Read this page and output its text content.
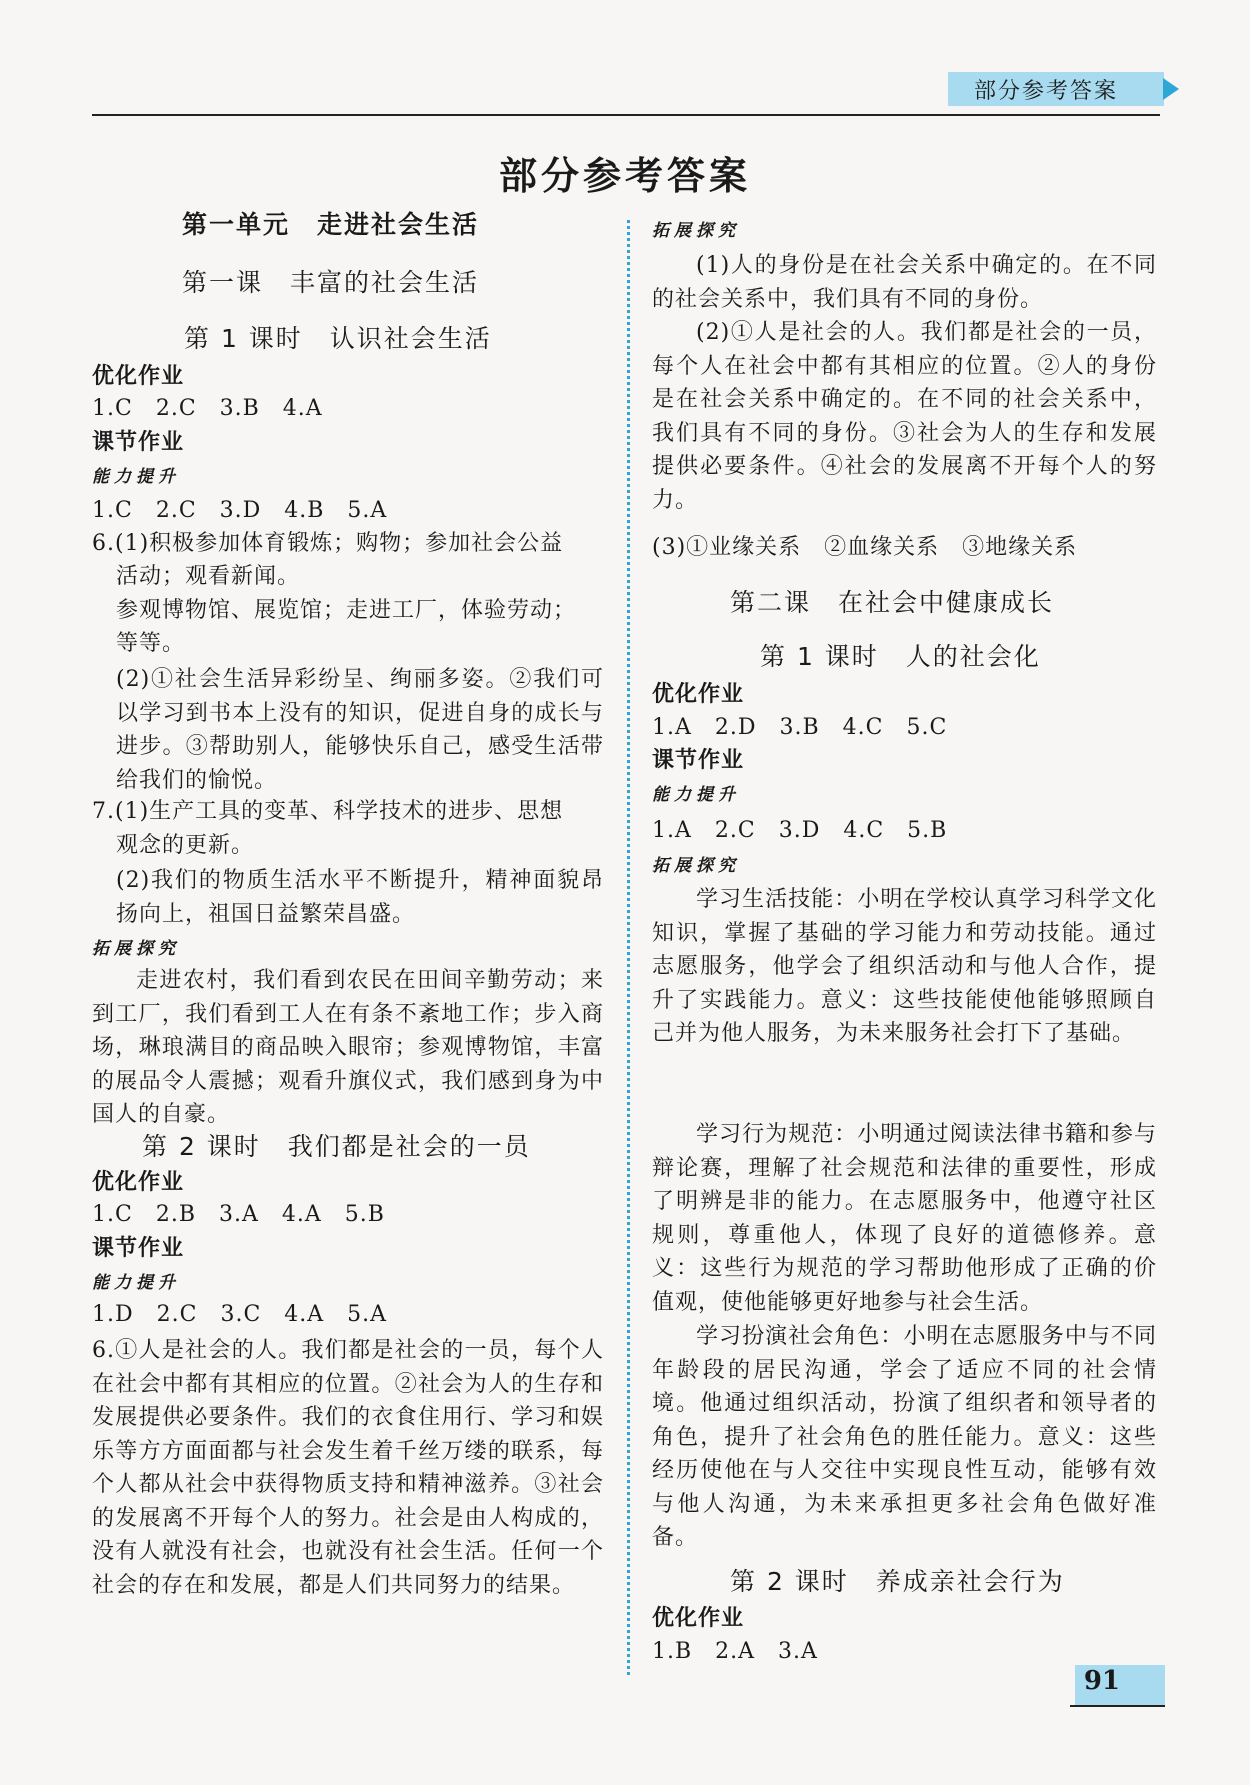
部分参考答案
部分参考答案
第一单元　走进社会生活
第一课　丰富的社会生活
第 1 课时　认识社会生活
优化作业
1.C　2.C　3.B　4.A
课节作业
能力提升
1.C　2.C　3.D　4.B　5.A
6.(1)积极参加体育锻炼；购物；参加社会公益
活动；观看新闻。
参观博物馆、展览馆；走进工厂，体验劳动；
等等。
(2)①社会生活异彩纷呈、绚丽多姿。②我们可以学习到书本上没有的知识，促进自身的成长与进步。③帮助别人，能够快乐自己，感受生活带给我们的愉悦。
7.(1)生产工具的变革、科学技术的进步、思想
观念的更新。
(2)我们的物质生活水平不断提升，精神面貌昂扬向上，祖国日益繁荣昌盛。
拓展探究
走进农村，我们看到农民在田间辛勤劳动；来到工厂，我们看到工人在有条不紊地工作；步入商场，琳琅满目的商品映入眼帘；参观博物馆，丰富的展品令人震撼；观看升旗仪式，我们感到身为中国人的自豪。
第 2 课时　我们都是社会的一员
优化作业
1.C　2.B　3.A　4.A　5.B
课节作业
能力提升
1.D　2.C　3.C　4.A　5.A
6.①人是社会的人。我们都是社会的一员，每个人在社会中都有其相应的位置。②社会为人的生存和发展提供必要条件。我们的衣食住用行、学习和娱乐等方方面面都与社会发生着千丝万缕的联系，每个人都从社会中获得物质支持和精神滋养。③社会的发展离不开每个人的努力。社会是由人构成的，没有人就没有社会，也就没有社会生活。任何一个社会的存在和发展，都是人们共同努力的结果。
拓展探究
(1)人的身份是在社会关系中确定的。在不同的社会关系中，我们具有不同的身份。
(2)①人是社会的人。我们都是社会的一员，每个人在社会中都有其相应的位置。②人的身份是在社会关系中确定的。在不同的社会关系中，我们具有不同的身份。③社会为人的生存和发展提供必要条件。④社会的发展离不开每个人的努力。
(3)①业缘关系　②血缘关系　③地缘关系
第二课　在社会中健康成长
第 1 课时　人的社会化
优化作业
1.A　2.D　3.B　4.C　5.C
课节作业
能力提升
1.A　2.C　3.D　4.C　5.B
拓展探究
学习生活技能：小明在学校认真学习科学文化知识，掌握了基础的学习能力和劳动技能。通过志愿服务，他学会了组织活动和与他人合作，提升了实践能力。意义：这些技能使他能够照顾自己并为他人服务，为未来服务社会打下了基础。
学习行为规范：小明通过阅读法律书籍和参与辩论赛，理解了社会规范和法律的重要性，形成了明辨是非的能力。在志愿服务中，他遵守社区规则，尊重他人，体现了良好的道德修养。意义：这些行为规范的学习帮助他形成了正确的价值观，使他能够更好地参与社会生活。
学习扮演社会角色：小明在志愿服务中与不同年龄段的居民沟通，学会了适应不同的社会情境。他通过组织活动，扮演了组织者和领导者的角色，提升了社会角色的胜任能力。意义：这些经历使他在与人交往中实现良性互动，能够有效与他人沟通，为未来承担更多社会角色做好准备。
第 2 课时　养成亲社会行为
优化作业
1.B　2.A　3.A
91
